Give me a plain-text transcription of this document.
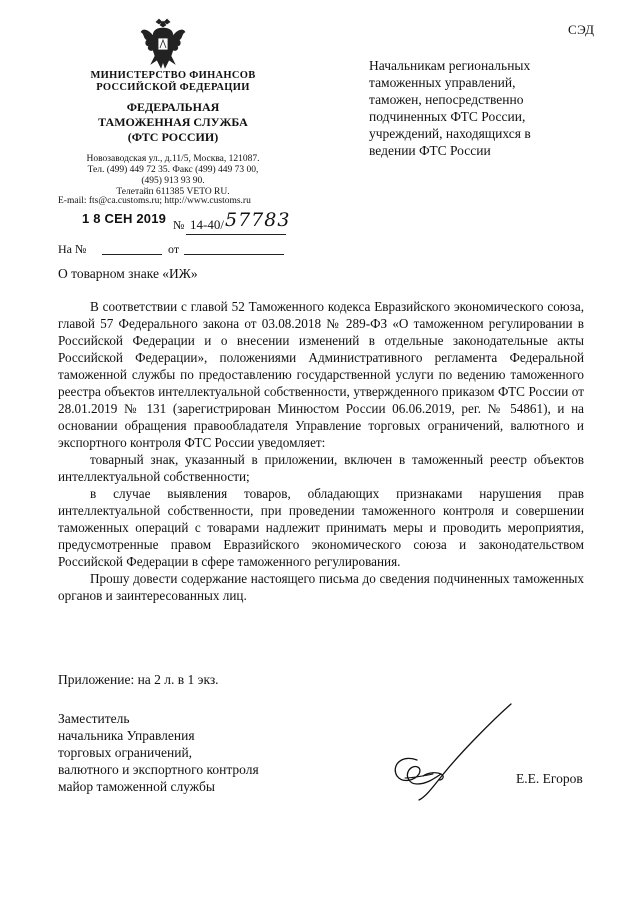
СЭД
МИНИСТЕРСТВО ФИНАНСОВ
РОССИЙСКОЙ ФЕДЕРАЦИИ
ФЕДЕРАЛЬНАЯ
ТАМОЖЕННАЯ СЛУЖБА
(ФТС РОССИИ)
Новозаводская ул., д.11/5, Москва, 121087.
Тел. (499) 449 72 35. Факс (499) 449 73 00,
(495) 913 93 90.
Телетайп 611385 VETO RU.
E-mail: fts@ca.customs.ru; http://www.customs.ru
1 8 СЕН 2019 № 14-40/ 57783
На №	от
Начальникам региональных
таможенных управлений,
таможен, непосредственно
подчиненных ФТС России,
учреждений, находящихся в
ведении ФТС России
О товарном знаке «ИЖ»

В соответствии с главой 52 Таможенного кодекса Евразийского экономического союза, главой 57 Федерального закона от 03.08.2018 № 289-ФЗ «О таможенном регулировании в Российской Федерации и о внесении изменений в отдельные законодательные акты Российской Федерации», положениями Административного регламента Федеральной таможенной службы по предоставлению государственной услуги по ведению таможенного реестра объектов интеллектуальной собственности, утвержденного приказом ФТС России от 28.01.2019 № 131 (зарегистрирован Минюстом России 06.06.2019, рег. № 54861), и на основании обращения правообладателя Управление торговых ограничений, валютного и экспортного контроля ФТС России уведомляет:

товарный знак, указанный в приложении, включен в таможенный реестр объектов интеллектуальной собственности;

в случае выявления товаров, обладающих признаками нарушения прав интеллектуальной собственности, при проведении таможенного контроля и совершении таможенных операций с товарами надлежит принимать меры и проводить мероприятия, предусмотренные правом Евразийского экономического союза и законодательством Российской Федерации в сфере таможенного регулирования.

Прошу довести содержание настоящего письма до сведения подчиненных таможенных органов и заинтересованных лиц.

Приложение: на 2 л. в 1 экз.
Заместитель
начальника Управления
торговых ограничений,
валютного и экспортного контроля
майор таможенной службы
Е.Е. Егоров
